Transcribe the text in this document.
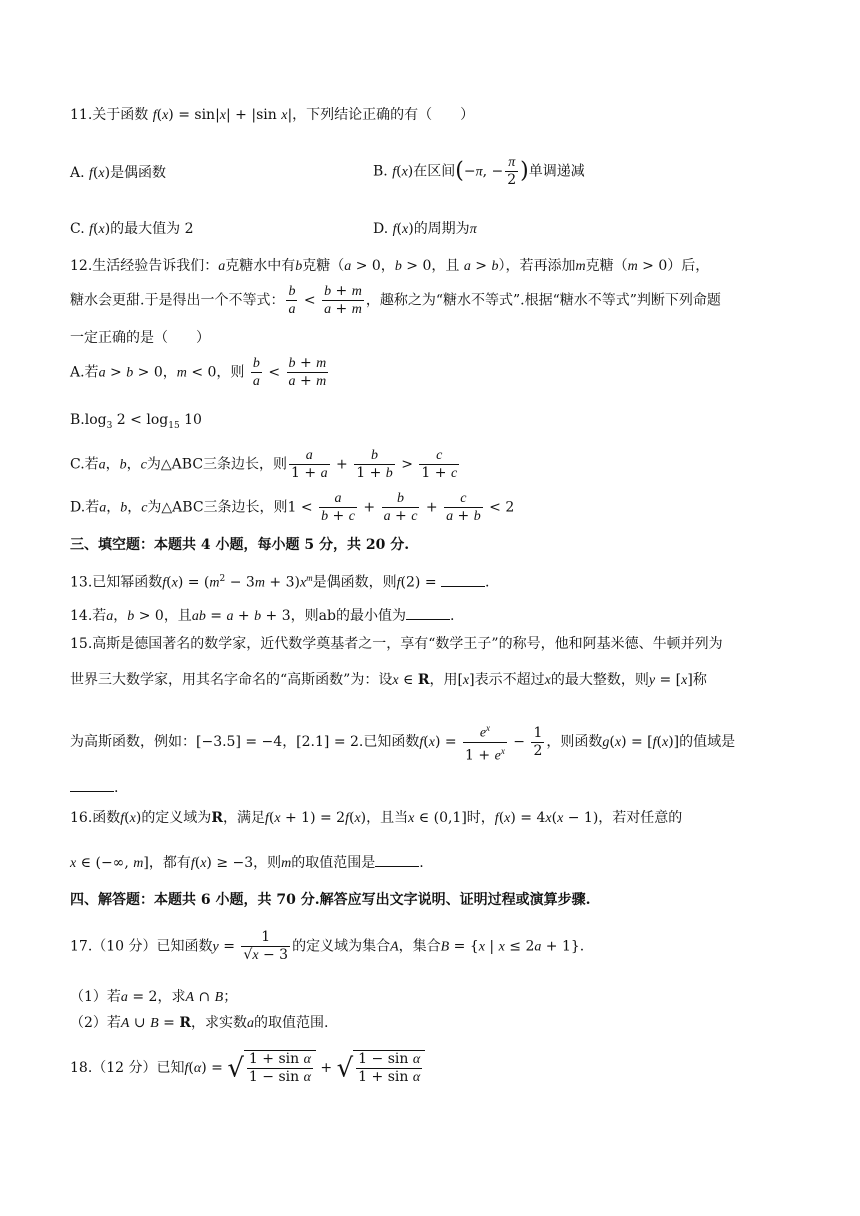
11.关于函数 f(x) = sin|x| + |sin x|，下列结论正确的有（　　）
A. f(x)是偶函数	B. f(x)在区间(−π, − $\frac{\pi}{2}$ )单调递减
C. f(x)的最大值为 2	D. f(x)的周期为π
12.生活经验告诉我们：a克糖水中有b克糖（a > 0，b > 0，且 a > b），若再添加m克糖（m > 0）后，
糖水会更甜.于是得出一个不等式： $\frac{b}{a} < \frac{b + m}{a + m}$ ，趣称之为“糖水不等式”.根据“糖水不等式”判断下列命题
一定正确的是（　　）
A.若a > b > 0，m < 0，则 $\frac{b}{a} < \frac{b + m}{a + m}$
$B.\log_3$ $2 < \log_{15} 10$
C.若a，b，c为△ABC三条边长，则 $\frac{a}{1 + a} + \frac{b}{1 + b} > \frac{c}{1 + c}$
D.若a，b，c为△ABC三条边长，则$1 < \frac{a}{b + c} + \frac{b}{a + c} + \frac{c}{a + b} < 2$
三、填空题：本题共 4 小题，每小题 5 分，共 20 分.
13.已知幂函数$f(x) = (m^2 - 3m + 3)x^m$是偶函数，则f(2) =	.
14.若a，b > 0，且ab = a + b + 3，则ab的最小值为	.
15.高斯是德国著名的数学家，近代数学奠基者之一，享有“数学王子”的称号，他和阿基米德、牛顿并列为
世界三大数学家，用其名字命名的“高斯函数”为：设x ∈ R，用[x]表示不超过x的最大整数，则y = [x]称
为高斯函数，例如：[−3.5] = −4，[2.1] = 2.已知函数$f(x) = \frac{e^x}{1 + e^x} - \frac{1}{2}$ ，则函数g(x) = [f(x)]的值域是
.
16.函数f(x)的定义域为R，满足f(x + 1) = 2f(x)，且当x ∈ (0,1]时，f(x) = 4x(x − 1)，若对任意的
x ∈ (−∞, m]，都有f(x) ≥ −3，则m的取值范围是	.
四、解答题：本题共 6 小题，共 70 分.解答应写出文字说明、证明过程或演算步骤.
17.（10 分）已知函数$y = \frac{1}{√x - 3}$ 的定义域为集合A，集合B = {x | x ≤ 2a + 1}.
（1）若a = 2，求A ∩ B；
（2）若A ∪ B = R，求实数a的取值范围.
18.（12 分）已知f(α) = √ $\frac{\text{1 + sin α}}{\text{1 − sin α}}$ + √ $\frac{\text{1 − sin α}}{\text{1 + sin α}}$
